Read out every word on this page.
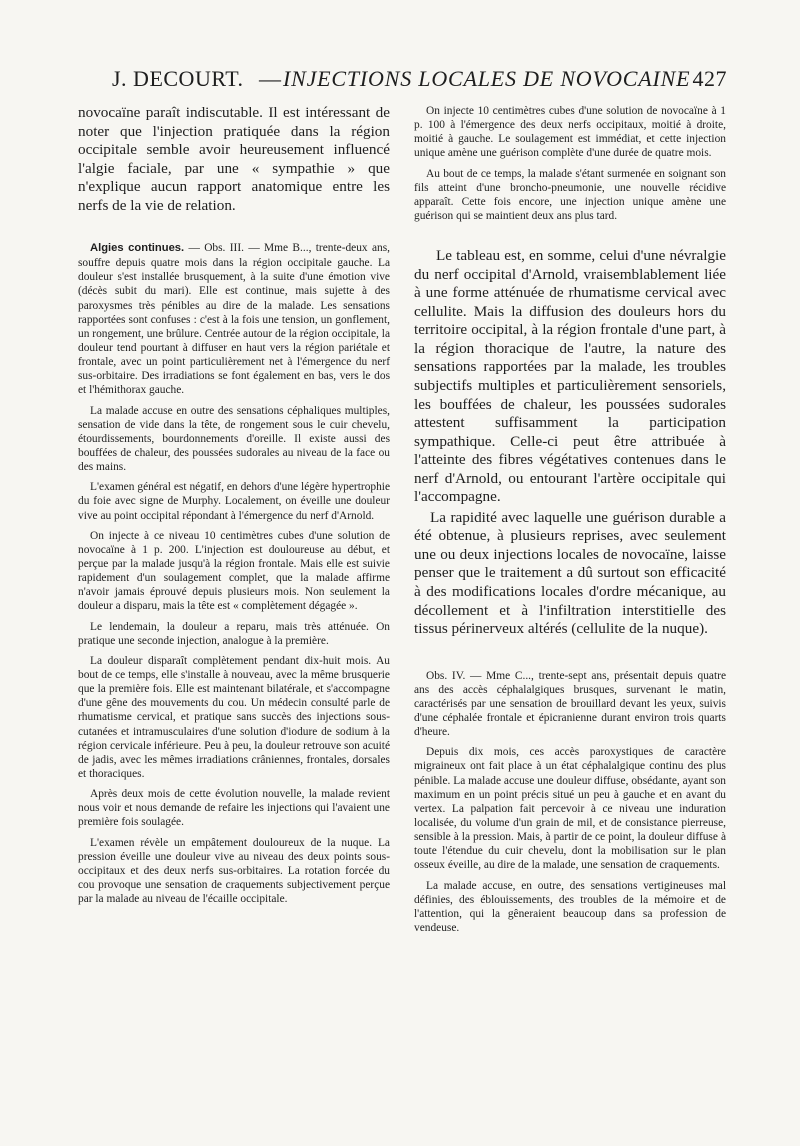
J. DECOURT. — INJECTIONS LOCALES DE NOVOCAINE 427

novocaïne paraît indiscutable. Il est intéressant de noter que l'injection pratiquée dans la région occipitale semble avoir heureusement influencé l'algie faciale, par une « sympathie » que n'explique aucun rapport anatomique entre les nerfs de la vie de relation.

Algies continues. — Obs. III. — Mme B..., trente-deux ans, souffre depuis quatre mois dans la région occipitale gauche. La douleur s'est installée brusquement, à la suite d'une émotion vive (décès subit du mari). Elle est continue, mais sujette à des paroxysmes très pénibles au dire de la malade. Les sensations rapportées sont confuses : c'est à la fois une tension, un gonflement, un rongement, une brûlure. Centrée autour de la région occipitale, la douleur tend pourtant à diffuser en haut vers la région pariétale et frontale, avec un point particulièrement net à l'émergence du nerf sus-orbitaire. Des irradiations se font également en bas, vers le dos et l'hémithorax gauche.

La malade accuse en outre des sensations céphaliques multiples, sensation de vide dans la tête, de rongement sous le cuir chevelu, étourdissements, bourdonnements d'oreille. Il existe aussi des bouffées de chaleur, des poussées sudorales au niveau de la face ou des mains.

L'examen général est négatif, en dehors d'une légère hypertrophie du foie avec signe de Murphy. Localement, on éveille une douleur vive au point occipital répondant à l'émergence du nerf d'Arnold.

On injecte à ce niveau 10 centimètres cubes d'une solution de novocaïne à 1 p. 200. L'injection est douloureuse au début, et perçue par la malade jusqu'à la région frontale. Mais elle est suivie rapidement d'un soulagement complet, que la malade affirme n'avoir jamais éprouvé depuis plusieurs mois. Non seulement la douleur a disparu, mais la tête est « complètement dégagée ».

Le lendemain, la douleur a reparu, mais très atténuée. On pratique une seconde injection, analogue à la première.

La douleur disparaît complètement pendant dix-huit mois. Au bout de ce temps, elle s'installe à nouveau, avec la même brusquerie que la première fois. Elle est maintenant bilatérale, et s'accompagne d'une gêne des mouvements du cou. Un médecin consulté parle de rhumatisme cervical, et pratique sans succès des injections sous-cutanées et intramusculaires d'une solution d'iodure de sodium à la région cervicale inférieure. Peu à peu, la douleur retrouve son acuité de jadis, avec les mêmes irradiations crâniennes, frontales, dorsales et thoraciques.

Après deux mois de cette évolution nouvelle, la malade revient nous voir et nous demande de refaire les injections qui l'avaient une première fois soulagée.

L'examen révèle un empâtement douloureux de la nuque. La pression éveille une douleur vive au niveau des deux points sous-occipitaux et des deux nerfs sus-orbitaires. La rotation forcée du cou provoque une sensation de craquements subjectivement perçue par la malade au niveau de l'écaille occipitale.

On injecte 10 centimètres cubes d'une solution de novocaïne à 1 p. 100 à l'émergence des deux nerfs occipitaux, moitié à droite, moitié à gauche. Le soulagement est immédiat, et cette injection unique amène une guérison complète d'une durée de quatre mois.

Au bout de ce temps, la malade s'étant surmenée en soignant son fils atteint d'une broncho-pneumonie, une nouvelle récidive apparaît. Cette fois encore, une injection unique amène une guérison qui se maintient deux ans plus tard.

Le tableau est, en somme, celui d'une névralgie du nerf occipital d'Arnold, vraisemblablement liée à une forme atténuée de rhumatisme cervical avec cellulite. Mais la diffusion des douleurs hors du territoire occipital, à la région frontale d'une part, à la région thoracique de l'autre, la nature des sensations rapportées par la malade, les troubles subjectifs multiples et particulièrement sensoriels, les bouffées de chaleur, les poussées sudorales attestent suffisamment la participation sympathique. Celle-ci peut être attribuée à l'atteinte des fibres végétatives contenues dans le nerf d'Arnold, ou entourant l'artère occipitale qui l'accompagne.

La rapidité avec laquelle une guérison durable a été obtenue, à plusieurs reprises, avec seulement une ou deux injections locales de novocaïne, laisse penser que le traitement a dû surtout son efficacité à des modifications locales d'ordre mécanique, au décollement et à l'infiltration interstitielle des tissus périnerveux altérés (cellulite de la nuque).

Obs. IV. — Mme C..., trente-sept ans, présentait depuis quatre ans des accès céphalalgiques brusques, survenant le matin, caractérisés par une sensation de brouillard devant les yeux, suivis d'une céphalée frontale et épicranienne durant environ trois quarts d'heure.

Depuis dix mois, ces accès paroxystiques de caractère migraineux ont fait place à un état céphalalgique continu des plus pénible. La malade accuse une douleur diffuse, obsédante, ayant son maximum en un point précis situé un peu à gauche et en avant du vertex. La palpation fait percevoir à ce niveau une induration localisée, du volume d'un grain de mil, et de consistance pierreuse, sensible à la pression. Mais, à partir de ce point, la douleur diffuse à toute l'étendue du cuir chevelu, dont la mobilisation sur le plan osseux éveille, au dire de la malade, une sensation de craquements.

La malade accuse, en outre, des sensations vertigineuses mal définies, des éblouissements, des troubles de la mémoire et de l'attention, qui la gêneraient beaucoup dans sa profession de vendeuse.
